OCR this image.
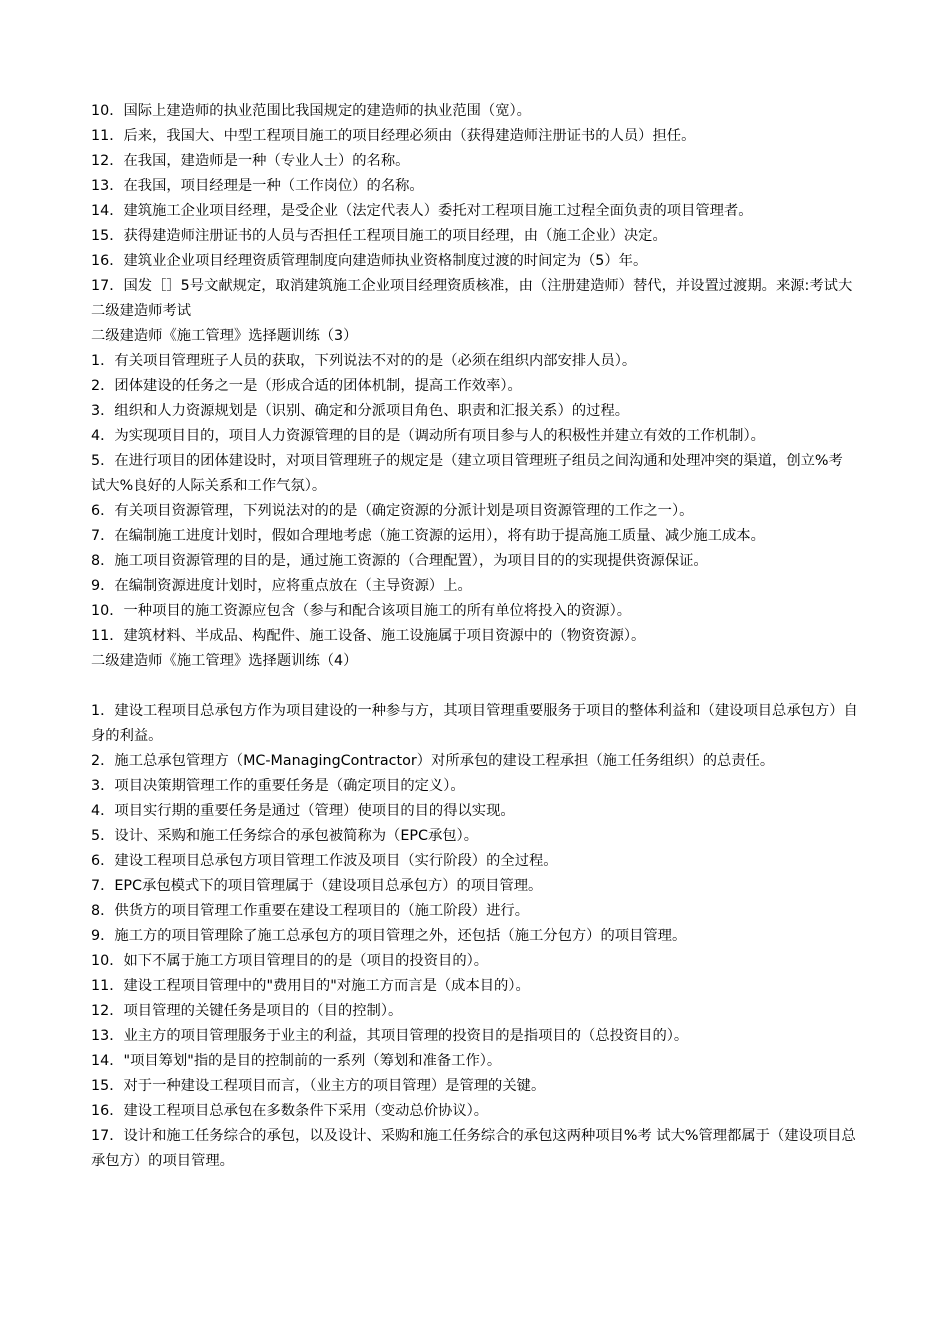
10．国际上建造师的执业范围比我国规定的建造师的执业范围（宽）。

11．后来，我国大、中型工程项目施工的项目经理必须由（获得建造师注册证书的人员）担任。

12．在我国，建造师是一种（专业人士）的名称。

13．在我国，项目经理是一种（工作岗位）的名称。

14．建筑施工企业项目经理，是受企业（法定代表人）委托对工程项目施工过程全面负责的项目管理者。

15．获得建造师注册证书的人员与否担任工程项目施工的项目经理，由（施工企业）决定。

16．建筑业企业项目经理资质管理制度向建造师执业资格制度过渡的时间定为（5）年。

17．国发［］5号文献规定，取消建筑施工企业项目经理资质核准，由（注册建造师）替代，并设置过渡期。来源:考试大 二级建造师考试

二级建造师《施工管理》选择题训练（3）

1．有关项目管理班子人员的获取，下列说法不对的的是（必须在组织内部安排人员）。

2．团体建设的任务之一是（形成合适的团体机制，提高工作效率）。

3．组织和人力资源规划是（识别、确定和分派项目角色、职责和汇报关系）的过程。

4．为实现项目目的，项目人力资源管理的目的是（调动所有项目参与人的积极性并建立有效的工作机制）。

5．在进行项目的团体建设时，对项目管理班子的规定是（建立项目管理班子组员之间沟通和处理冲突的渠道，创立%考 试大%良好的人际关系和工作气氛）。

6．有关项目资源管理，下列说法对的的是（确定资源的分派计划是项目资源管理的工作之一）。

7．在编制施工进度计划时，假如合理地考虑（施工资源的运用），将有助于提高施工质量、减少施工成本。

8．施工项目资源管理的目的是，通过施工资源的（合理配置），为项目目的的实现提供资源保证。

9．在编制资源进度计划时，应将重点放在（主导资源）上。

10．一种项目的施工资源应包含（参与和配合该项目施工的所有单位将投入的资源）。

11．建筑材料、半成品、构配件、施工设备、施工设施属于项目资源中的（物资资源）。

二级建造师《施工管理》选择题训练（4）

1．建设工程项目总承包方作为项目建设的一种参与方，其项目管理重要服务于项目的整体利益和（建设项目总承包方）自身的利益。

2．施工总承包管理方（MC-ManagingContractor）对所承包的建设工程承担（施工任务组织）的总责任。

3．项目决策期管理工作的重要任务是（确定项目的定义）。

4．项目实行期的重要任务是通过（管理）使项目的目的得以实现。

5．设计、采购和施工任务综合的承包被简称为（EPC承包）。

6．建设工程项目总承包方项目管理工作波及项目（实行阶段）的全过程。

7．EPC承包模式下的项目管理属于（建设项目总承包方）的项目管理。

8．供货方的项目管理工作重要在建设工程项目的（施工阶段）进行。

9．施工方的项目管理除了施工总承包方的项目管理之外，还包括（施工分包方）的项目管理。

10．如下不属于施工方项目管理目的的是（项目的投资目的）。

11．建设工程项目管理中的"费用目的"对施工方而言是（成本目的）。

12．项目管理的关键任务是项目的（目的控制）。

13．业主方的项目管理服务于业主的利益，其项目管理的投资目的是指项目的（总投资目的）。

14．"项目筹划"指的是目的控制前的一系列（筹划和准备工作）。

15．对于一种建设工程项目而言，（业主方的项目管理）是管理的关键。

16．建设工程项目总承包在多数条件下采用（变动总价协议）。

17．设计和施工任务综合的承包，以及设计、采购和施工任务综合的承包这两种项目%考 试大%管理都属于（建设项目总承包方）的项目管理。
